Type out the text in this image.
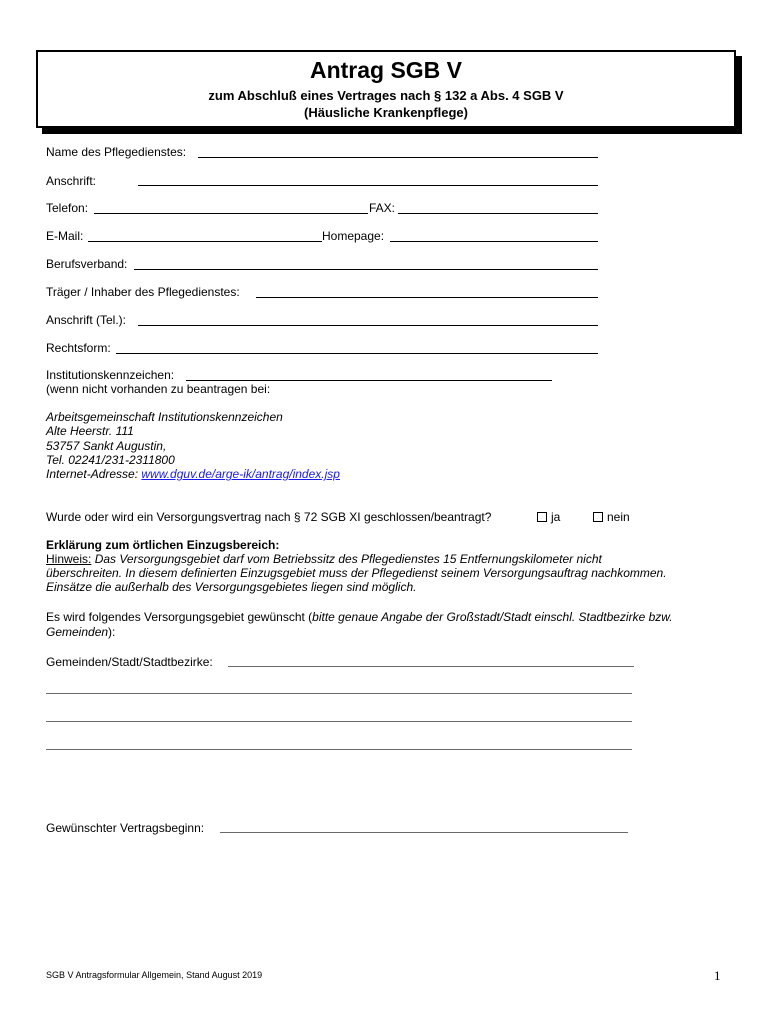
Antrag SGB V
zum Abschluß eines Vertrages nach § 132 a Abs. 4 SGB V
(Häusliche Krankenpflege)
Name des Pflegedienstes:
Anschrift:
Telefon:	FAX:
E-Mail:	Homepage:
Berufsverband:
Träger / Inhaber des Pflegedienstes:
Anschrift (Tel.):
Rechtsform:
Institutionskennzeichen:
(wenn nicht vorhanden zu beantragen bei:
Arbeitsgemeinschaft Institutionskennzeichen
Alte Heerstr. 111
53757 Sankt Augustin,
Tel. 02241/231-2311800
Internet-Adresse: www.dguv.de/arge-ik/antrag/index.jsp
Wurde oder wird ein Versorgungsvertrag nach § 72 SGB XI geschlossen/beantragt?	ja	nein
Erklärung zum örtlichen Einzugsbereich:
Hinweis: Das Versorgungsgebiet darf vom Betriebssitz des Pflegedienstes 15 Entfernungskilometer nicht
überschreiten. In diesem definierten Einzugsgebiet muss der Pflegedienst seinem Versorgungsauftrag nachkommen.
Einsätze die außerhalb des Versorgungsgebietes liegen sind möglich.
Es wird folgendes Versorgungsgebiet gewünscht (bitte genaue Angabe der Großstadt/Stadt einschl. Stadtbezirke bzw.
Gemeinden):
Gemeinden/Stadt/Stadtbezirke:
Gewünschter Vertragsbeginn:
SGB V Antragsformular Allgemein, Stand August 2019	1
